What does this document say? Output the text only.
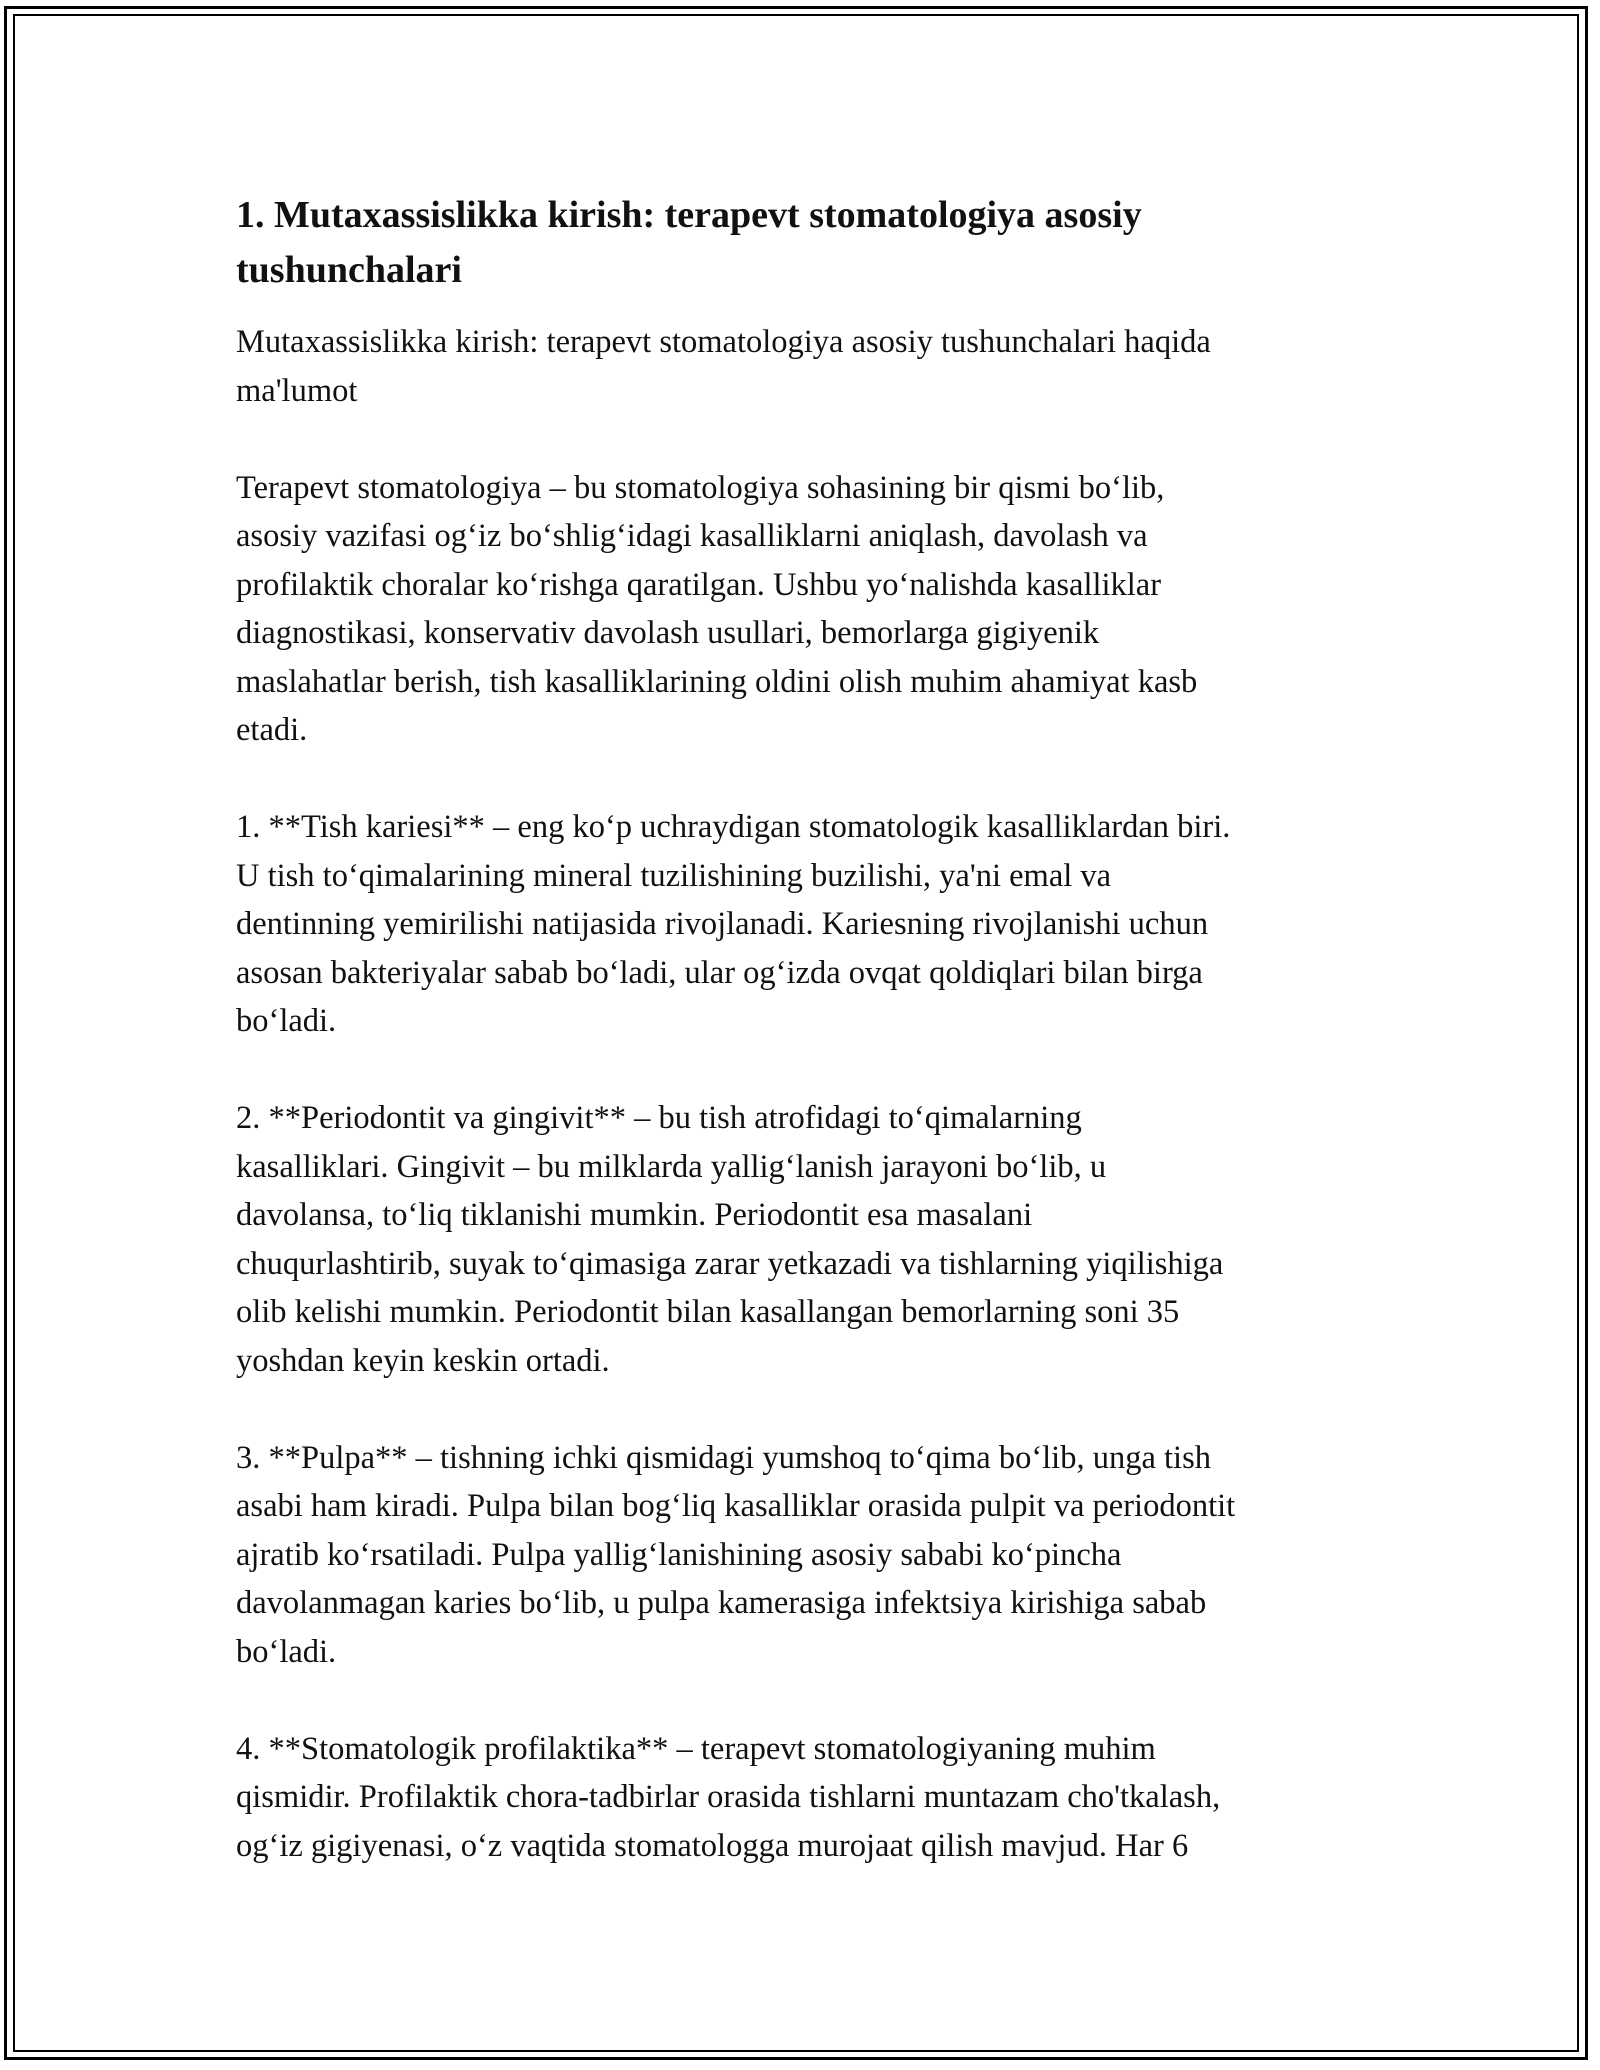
1. Mutaxassislikka kirish: terapevt stomatologiya asosiy
tushunchalari

Mutaxassislikka kirish: terapevt stomatologiya asosiy tushunchalari haqida
ma'lumot

Terapevt stomatologiya – bu stomatologiya sohasining bir qismi bo‘lib,
asosiy vazifasi og‘iz bo‘shlig‘idagi kasalliklarni aniqlash, davolash va
profilaktik choralar ko‘rishga qaratilgan. Ushbu yo‘nalishda kasalliklar
diagnostikasi, konservativ davolash usullari, bemorlarga gigiyenik
maslahatlar berish, tish kasalliklarining oldini olish muhim ahamiyat kasb
etadi.

1. **Tish kariesi** – eng ko‘p uchraydigan stomatologik kasalliklardan biri.
U tish to‘qimalarining mineral tuzilishining buzilishi, ya'ni emal va
dentinning yemirilishi natijasida rivojlanadi. Kariesning rivojlanishi uchun
asosan bakteriyalar sabab bo‘ladi, ular og‘izda ovqat qoldiqlari bilan birga
bo‘ladi.

2. **Periodontit va gingivit** – bu tish atrofidagi to‘qimalarning
kasalliklari. Gingivit – bu milklarda yallig‘lanish jarayoni bo‘lib, u
davolansa, to‘liq tiklanishi mumkin. Periodontit esa masalani
chuqurlashtirib, suyak to‘qimasiga zarar yetkazadi va tishlarning yiqilishiga
olib kelishi mumkin. Periodontit bilan kasallangan bemorlarning soni 35
yoshdan keyin keskin ortadi.

3. **Pulpa** – tishning ichki qismidagi yumshoq to‘qima bo‘lib, unga tish
asabi ham kiradi. Pulpa bilan bog‘liq kasalliklar orasida pulpit va periodontit
ajratib ko‘rsatiladi. Pulpa yallig‘lanishining asosiy sababi ko‘pincha
davolanmagan karies bo‘lib, u pulpa kamerasiga infektsiya kirishiga sabab
bo‘ladi.

4. **Stomatologik profilaktika** – terapevt stomatologiyaning muhim
qismidir. Profilaktik chora-tadbirlar orasida tishlarni muntazam cho'tkalash,
og‘iz gigiyenasi, o‘z vaqtida stomatologga murojaat qilish mavjud. Har 6
